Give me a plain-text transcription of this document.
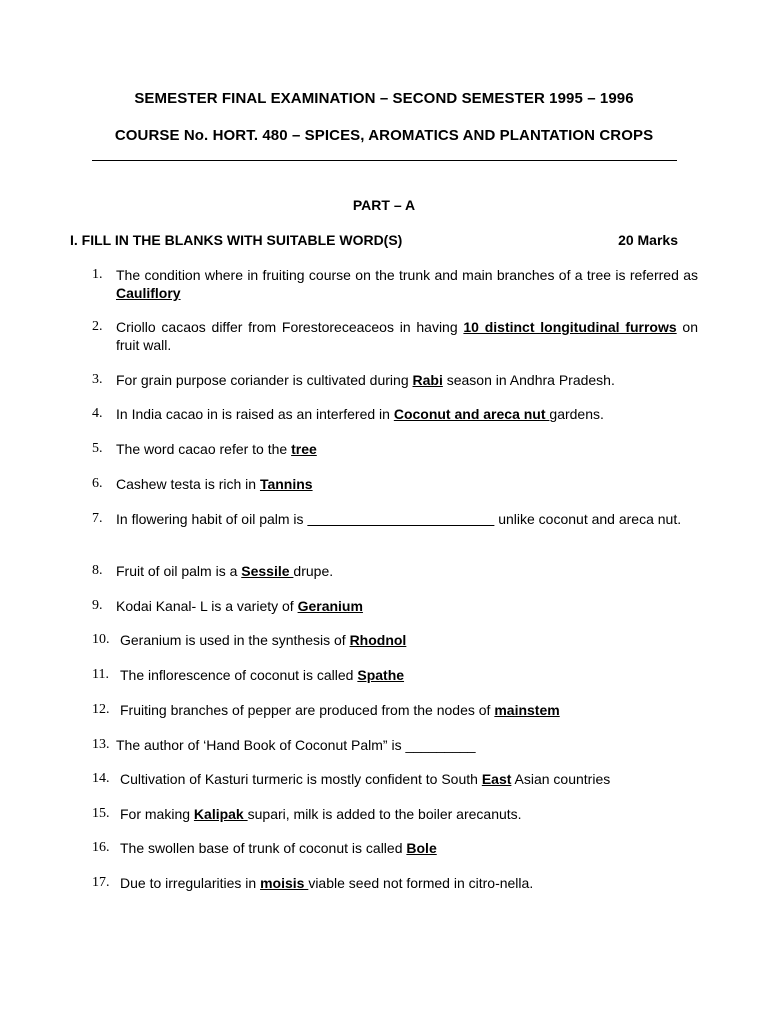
SEMESTER FINAL EXAMINATION – SECOND SEMESTER 1995 – 1996
COURSE No. HORT. 480 – SPICES, AROMATICS AND PLANTATION CROPS
PART – A
I. FILL IN THE BLANKS WITH SUITABLE WORD(S)	20 Marks
1. The condition where in fruiting course on the trunk and main branches of a tree is referred as Cauliflory
2. Criollo cacaos differ from Forestoreceaceos in having 10 distinct longitudinal furrows on fruit wall.
3. For grain purpose coriander is cultivated during Rabi season in Andhra Pradesh.
4. In India cacao in is raised as an interfered in Coconut and areca nut gardens.
5. The word cacao refer to the tree
6. Cashew testa is rich in Tannins
7. In flowering habit of oil palm is ________________________ unlike coconut and areca nut.
8. Fruit of oil palm is a Sessile drupe.
9. Kodai Kanal- L is a variety of Geranium
10. Geranium is used in the synthesis of Rhodnol
11. The inflorescence of coconut is called Spathe
12. Fruiting branches of pepper are produced from the nodes of mainstem
13. The author of ‘Hand Book of Coconut Palm” is _________
14. Cultivation of Kasturi turmeric is mostly confident to South East Asian countries
15. For making Kalipak supari, milk is added to the boiler arecanuts.
16. The swollen base of trunk of coconut is called Bole
17. Due to irregularities in moisis viable seed not formed in citro-nella.
